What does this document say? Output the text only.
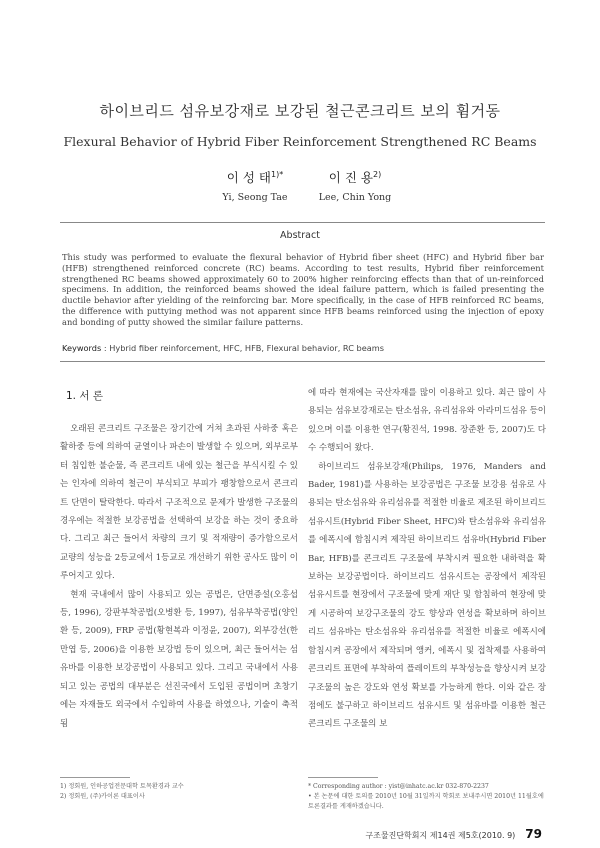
하이브리드 섬유보강재로 보강된 철근콘크리트 보의 휨거동
Flexural Behavior of Hybrid Fiber Reinforcement Strengthened RC Beams
이 성 태$^{1)*}$
Yi, Seong Tae
이 진 용$^{2)}$
Lee, Chin Yong
Abstract
This study was performed to evaluate the flexural behavior of Hybrid fiber sheet (HFC) and Hybrid fiber bar (HFB) strengthened reinforced concrete (RC) beams. According to test results, Hybrid fiber reinforcement strengthened RC beams showed approximately 60 to 200% higher reinforcing effects than that of un-reinforced specimens. In addition, the reinforced beams showed the ideal failure pattern, which is failed presenting the ductile behavior after yielding of the reinforcing bar. More specifically, in the case of HFB reinforced RC beams, the difference with puttying method was not apparent since HFB beams reinforced using the injection of epoxy and bonding of putty showed the similar failure patterns.
Keywords : Hybrid fiber reinforcement, HFC, HFB, Flexural behavior, RC beams
1. 서 론

오래된 콘크리트 구조물은 장기간에 거쳐 초과된 사하중 혹은 활하중 등에 의하여 균열이나 파손이 발생할 수 있으며, 외부로부터 침입한 불순물, 즉 콘크리트 내에 있는 철근을 부식시킬 수 있는 인자에 의하여 철근이 부식되고 부피가 팽창함으로서 콘크리트 단면이 탈락한다. 따라서 구조적으로 문제가 발생한 구조물의 경우에는 적절한 보강공법을 선택하여 보강을 하는 것이 중요하다. 그리고 최근 들어서 차량의 크기 및 적재량이 증가함으로서 교량의 성능을 2등교에서 1등교로 개선하기 위한 공사도 많이 이루어지고 있다.

현재 국내에서 많이 사용되고 있는 공법은, 단면증설(오홍섭 등, 1996), 강판부착공법(오병환 등, 1997), 섬유부착공법(양인환 등, 2009), FRP 공법(황현복과 이정윤, 2007), 외부강선(한만엽 등, 2006)을 이용한 보강법 등이 있으며, 최근 들어서는 섬유바를 이용한 보강공법이 사용되고 있다. 그리고 국내에서 사용되고 있는 공법의 대부분은 선진국에서 도입된 공법이며 초창기에는 자재들도 외국에서 수입하여 사용을 하였으나, 기술이 축적됨

에 따라 현재에는 국산자재를 많이 이용하고 있다. 최근 많이 사용되는 섬유보강재로는 탄소섬유, 유리섬유와 아라미드섬유 등이 있으며 이를 이용한 연구(황진석, 1998. 장준환 등, 2007)도 다수 수행되어 왔다.

하이브리드 섬유보강재(Philips, 1976, Manders and Bader, 1981)를 사용하는 보강공법은 구조물 보강용 섬유로 사용되는 탄소섬유와 유리섬유를 적절한 비율로 제조된 하이브리드 섬유시트(Hybrid Fiber Sheet, HFC)와 탄소섬유와 유리섬유를 에폭시에 함침시켜 제작된 하이브리드 섬유바(Hybrid Fiber Bar, HFB)를 콘크리트 구조물에 부착시켜 필요한 내하력을 확보하는 보강공법이다. 하이브리드 섬유시트는 공장에서 제작된 섬유시트를 현장에서 구조물에 맞게 재단 및 함침하여 현장에 맞게 시공하여 보강구조물의 강도 향상과 연성을 확보하며 하이브리드 섬유바는 탄소섬유와 유리섬유를 적절한 비율로 에폭시에 함침시켜 공장에서 제작되며 앵커, 에폭시 및 접착제를 사용하여 콘크리트 표면에 부착하여 플레이트의 부착성능을 향상시켜 보강 구조물의 높은 강도와 연성 확보를 가능하게 한다. 이와 같은 장점에도 불구하고 하이브리드 섬유시트 및 섬유바를 이용한 철근콘크리트 구조물의 보

1) 정회원, 인하공업전문대학 토목환경과 교수
2) 정회원, (주)카이론 대표이사
* Corresponding author : yist@inhatc.ac.kr 032-870-2237
• 본 논문에 대한 토의를 2010년 10월 31일까지 학회로 보내주시면 2010년 11월호에 토론결과를 게재하겠습니다.
구조물진단학회지 제14권 제5호(2010. 9) 79
